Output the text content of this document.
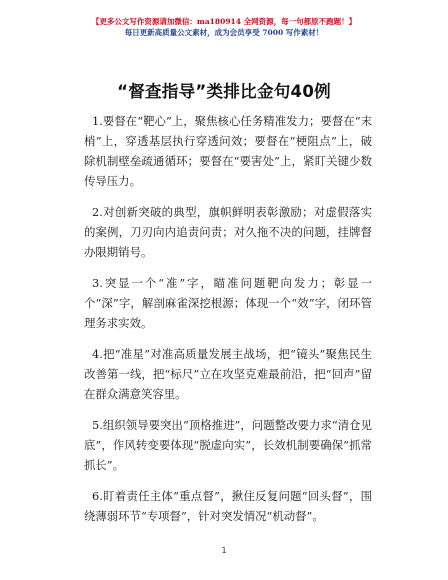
【更多公文写作资源请加微信：ma180914 全网资源，每一句都原不跑题！】
每日更新高质量公文素材，成为会员享受 7000 写作素材！
“督查指导”类排比金句40例

1.要督在“靶心”上，聚焦核心任务精准发力；要督在“末梢”上，穿透基层执行穿透问效；要督在“梗阻点”上，破除机制壁垒疏通循环；要督在“要害处”上，紧盯关键少数传导压力。

2.对创新突破的典型，旗帜鲜明表彰激励；对虚假落实的案例，刀刃向内追责问责；对久拖不决的问题，挂牌督办限期销号。

3.突显一个“准”字，瞄准问题靶向发力；彰显一个“深”字，解剖麻雀深挖根源；体现一个“效”字，闭环管理务求实效。

4.把“准星”对准高质量发展主战场，把“镜头”聚焦民生改善第一线，把“标尺”立在攻坚克难最前沿，把“回声”留在群众满意笑容里。

5.组织领导要突出“顶格推进”，问题整改要力求“清仓见底”，作风转变要体现“脱虚向实”，长效机制要确保“抓常抓长”。

6.盯着责任主体“重点督”，揪住反复问题“回头督”，围绕薄弱环节“专项督”，针对突发情况“机动督”。

1
